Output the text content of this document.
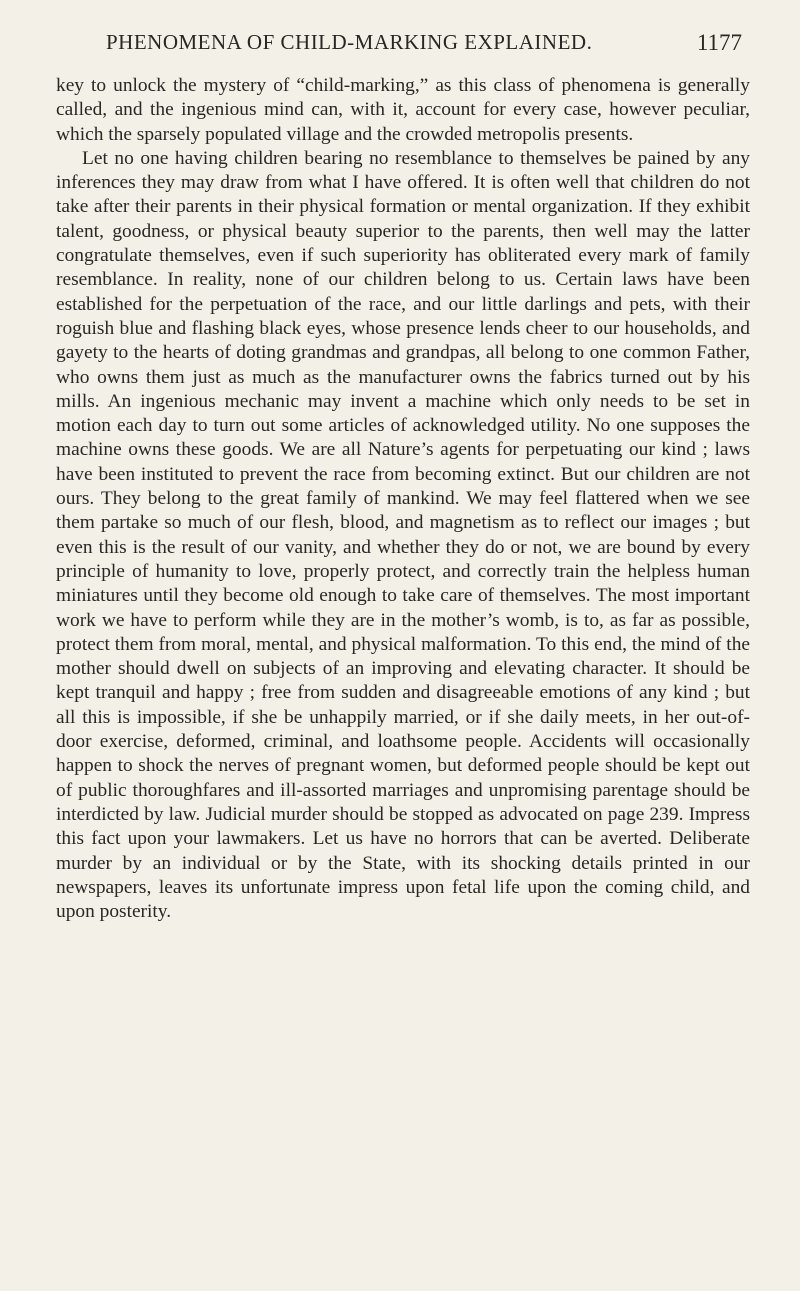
PHENOMENA OF CHILD-MARKING EXPLAINED.	1177

key to unlock the mystery of “child-marking,” as this class of phenomena is generally called, and the ingenious mind can, with it, account for every case, however peculiar, which the sparsely populated village and the crowded metropolis presents.

Let no one having children bearing no resemblance to themselves be pained by any inferences they may draw from what I have offered. It is often well that children do not take after their parents in their physical formation or mental organization. If they exhibit talent, goodness, or physical beauty superior to the parents, then well may the latter congratulate themselves, even if such superiority has obliterated every mark of family resemblance. In reality, none of our children belong to us. Certain laws have been established for the perpetuation of the race, and our little darlings and pets, with their roguish blue and flashing black eyes, whose presence lends cheer to our households, and gayety to the hearts of doting grandmas and grandpas, all belong to one common Father, who owns them just as much as the manufacturer owns the fabrics turned out by his mills. An ingenious mechanic may invent a machine which only needs to be set in motion each day to turn out some articles of acknowledged utility. No one supposes the machine owns these goods. We are all Nature’s agents for perpetuating our kind ; laws have been instituted to prevent the race from becoming extinct. But our children are not ours. They belong to the great family of mankind. We may feel flattered when we see them partake so much of our flesh, blood, and magnetism as to reflect our images ; but even this is the result of our vanity, and whether they do or not, we are bound by every principle of humanity to love, properly protect, and correctly train the helpless human miniatures until they become old enough to take care of themselves. The most important work we have to perform while they are in the mother’s womb, is to, as far as possible, protect them from moral, mental, and physical malformation. To this end, the mind of the mother should dwell on subjects of an improving and elevating character. It should be kept tranquil and happy ; free from sudden and disagreeable emotions of any kind ; but all this is impossible, if she be unhappily married, or if she daily meets, in her out-of-door exercise, deformed, criminal, and loathsome people. Accidents will occasionally happen to shock the nerves of pregnant women, but deformed people should be kept out of public thoroughfares and ill-assorted marriages and unpromising parentage should be interdicted by law. Judicial murder should be stopped as advocated on page 239. Impress this fact upon your lawmakers. Let us have no horrors that can be averted. Deliberate murder by an individual or by the State, with its shocking details printed in our newspapers, leaves its unfortunate impress upon fetal life upon the coming child, and upon posterity.
